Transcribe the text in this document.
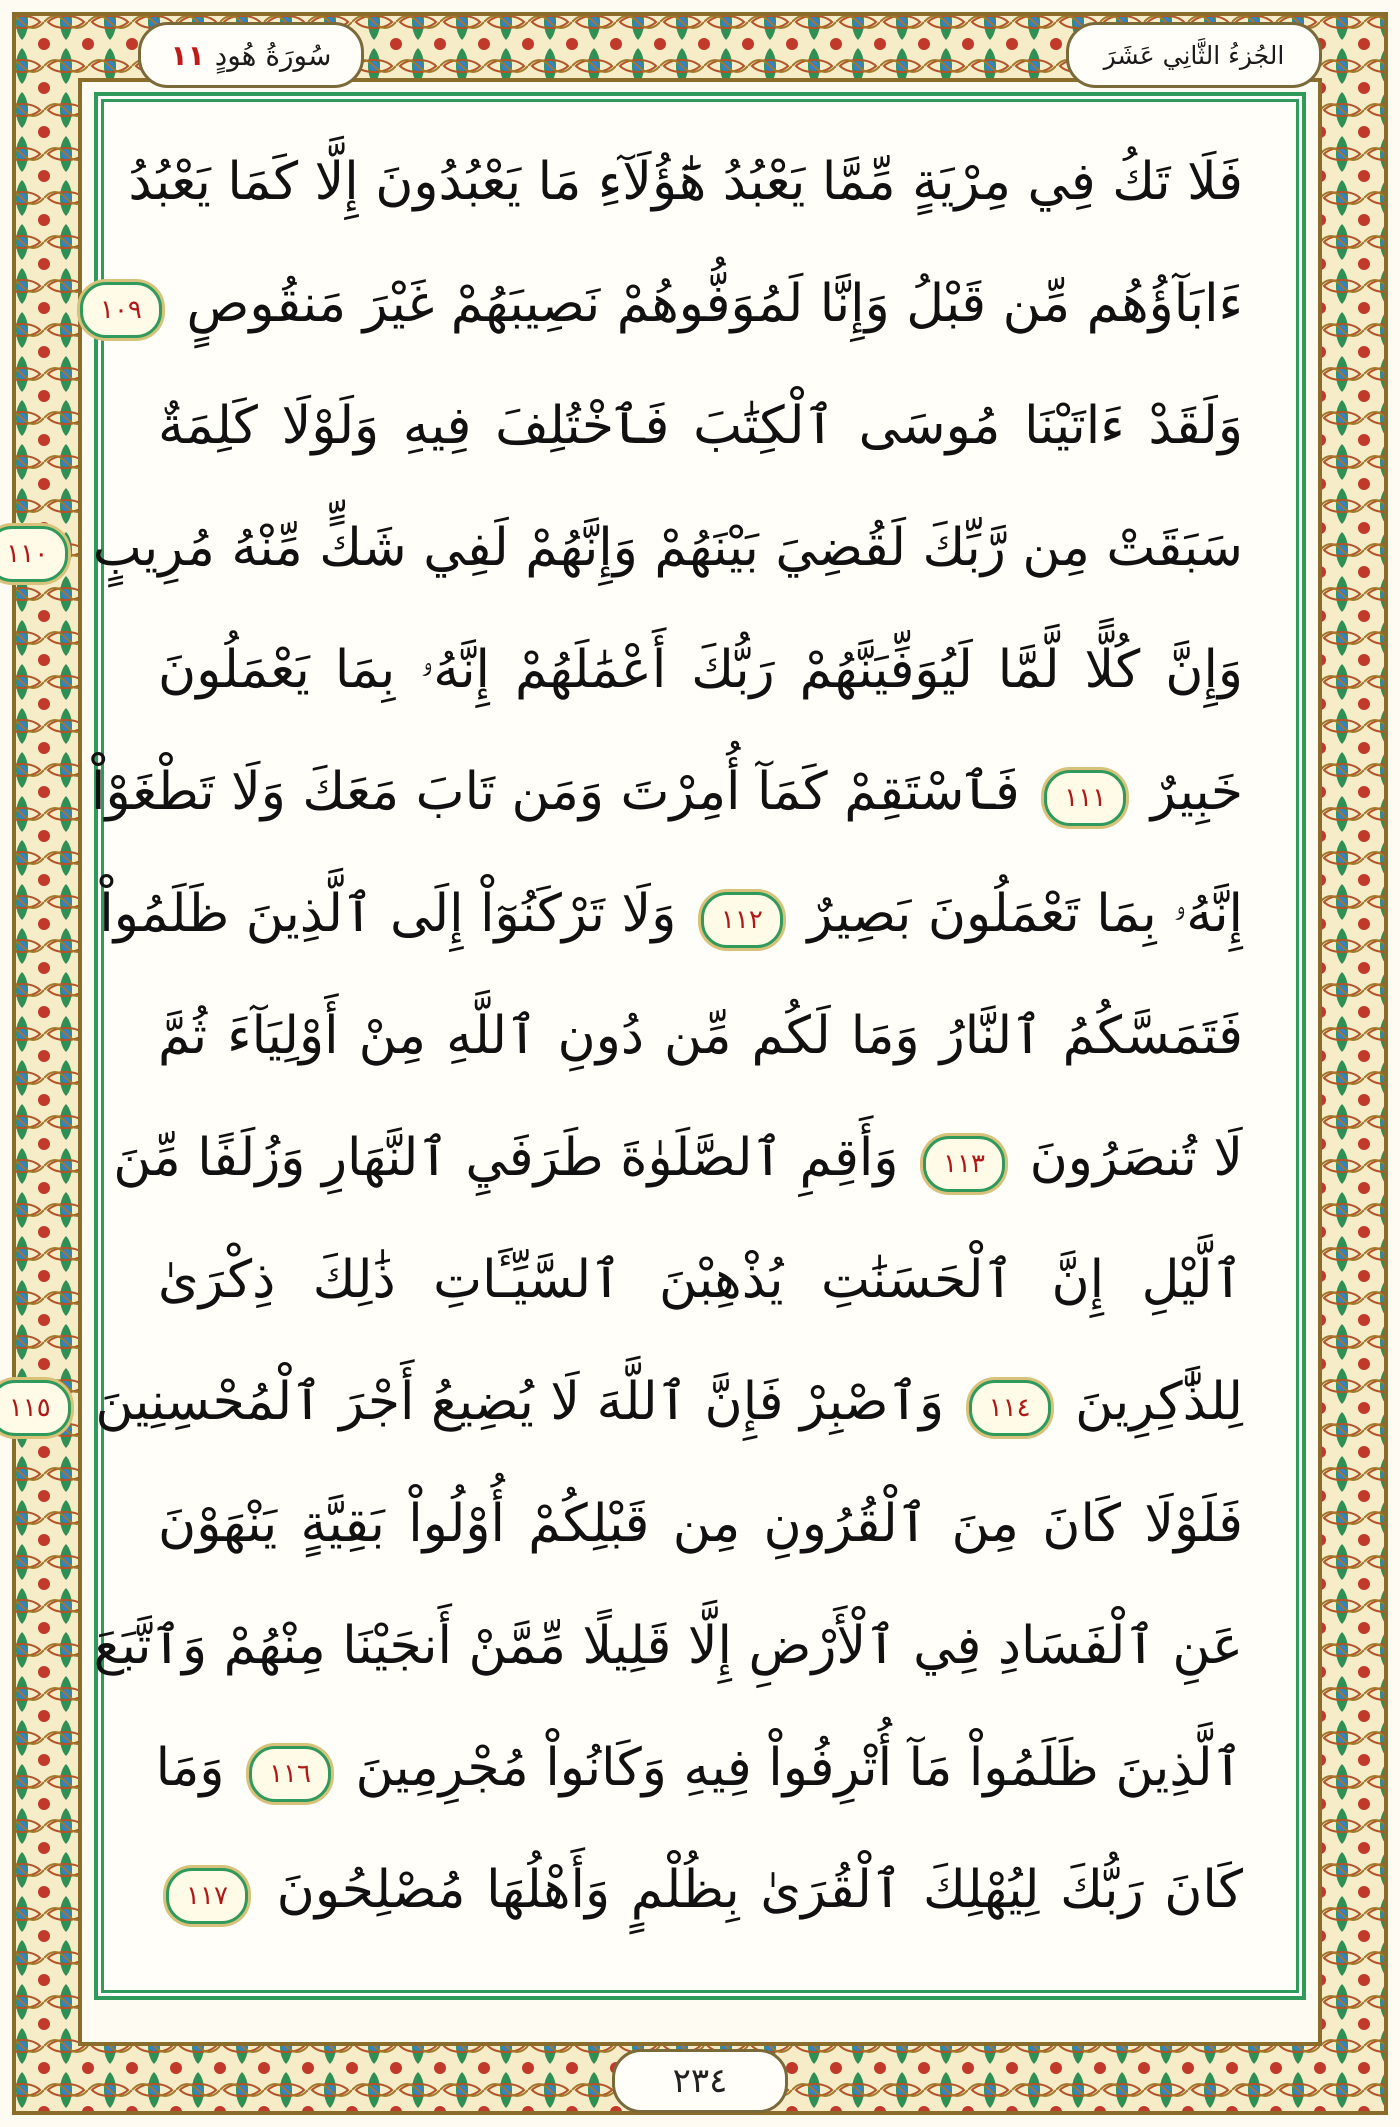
الجُزءُ الثَّانِي عَشَرَ
سُورَةُ هُودٍ
١١
فَلَا تَكُ فِي مِرْيَةٍ مِّمَّا يَعْبُدُ هَٰٓؤُلَآءِ مَا يَعْبُدُونَ إِلَّا كَمَا يَعْبُدُ
ءَابَآؤُهُم مِّن قَبْلُ وَإِنَّا لَمُوَفُّوهُمْ نَصِيبَهُمْ غَيْرَ مَنقُوصٍ ١٠٩
وَلَقَدْ ءَاتَيْنَا مُوسَى ٱلْكِتَٰبَ فَٱخْتُلِفَ فِيهِ وَلَوْلَا كَلِمَةٌ
سَبَقَتْ مِن رَّبِّكَ لَقُضِيَ بَيْنَهُمْ وَإِنَّهُمْ لَفِي شَكٍّ مِّنْهُ مُرِيبٍ ١١٠
وَإِنَّ كُلًّا لَّمَّا لَيُوَفِّيَنَّهُمْ رَبُّكَ أَعْمَٰلَهُمْ إِنَّهُۥ بِمَا يَعْمَلُونَ
خَبِيرٌ ١١١ فَٱسْتَقِمْ كَمَآ أُمِرْتَ وَمَن تَابَ مَعَكَ وَلَا تَطْغَوْاْ
إِنَّهُۥ بِمَا تَعْمَلُونَ بَصِيرٌ ١١٢ وَلَا تَرْكَنُوٓاْ إِلَى ٱلَّذِينَ ظَلَمُواْ
فَتَمَسَّكُمُ ٱلنَّارُ وَمَا لَكُم مِّن دُونِ ٱللَّهِ مِنْ أَوْلِيَآءَ ثُمَّ
لَا تُنصَرُونَ ١١٣ وَأَقِمِ ٱلصَّلَوٰةَ طَرَفَيِ ٱلنَّهَارِ وَزُلَفًا مِّنَ
ٱلَّيْلِ إِنَّ ٱلْحَسَنَٰتِ يُذْهِبْنَ ٱلسَّيِّـَٔاتِ ذَٰلِكَ ذِكْرَىٰ
لِلذَّٰكِرِينَ ١١٤ وَٱصْبِرْ فَإِنَّ ٱللَّهَ لَا يُضِيعُ أَجْرَ ٱلْمُحْسِنِينَ ١١٥
فَلَوْلَا كَانَ مِنَ ٱلْقُرُونِ مِن قَبْلِكُمْ أُوْلُواْ بَقِيَّةٍ يَنْهَوْنَ
عَنِ ٱلْفَسَادِ فِي ٱلْأَرْضِ إِلَّا قَلِيلًا مِّمَّنْ أَنجَيْنَا مِنْهُمْ وَٱتَّبَعَ
ٱلَّذِينَ ظَلَمُواْ مَآ أُتْرِفُواْ فِيهِ وَكَانُواْ مُجْرِمِينَ ١١٦ وَمَا
كَانَ رَبُّكَ لِيُهْلِكَ ٱلْقُرَىٰ بِظُلْمٍ وَأَهْلُهَا مُصْلِحُونَ ١١٧
٢٣٤
